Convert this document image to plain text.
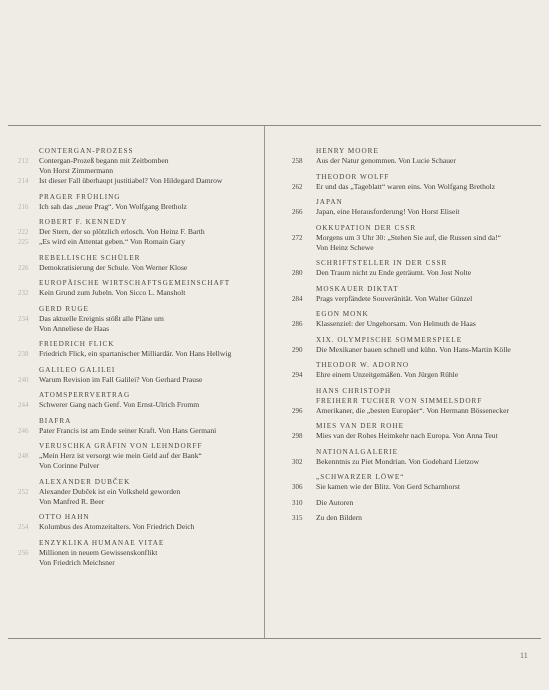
CONTERGAN-PROZESS
212	Contergan-Prozeß begann mit Zeitbomben
Von Horst Zimmermann
214	Ist dieser Fall überhaupt justitiabel? Von Hildegard Damrow
PRAGER FRÜHLING
216	Ich sah das „neue Prag“. Von Wolfgang Bretholz
ROBERT F. KENNEDY
222	Der Stern, der so plötzlich erlosch. Von Heinz F. Barth
225	„Es wird ein Attentat geben.“ Von Romain Gary
REBELLISCHE SCHÜLER
226	Demokratisierung der Schule. Von Werner Klose
EUROPÄISCHE WIRTSCHAFTSGEMEINSCHAFT
232	Kein Grund zum Jubeln. Von Sicco L. Mansholt
GERD RUGE
234	Das aktuelle Ereignis stößt alle Pläne um
Von Anneliese de Haas
FRIEDRICH FLICK
238	Friedrich Flick, ein spartanischer Milliardär. Von Hans Hellwig
GALILEO GALILEI
240	Warum Revision im Fall Galilei? Von Gerhard Prause
ATOMSPERRVERTRAG
244	Schwerer Gang nach Genf. Von Ernst-Ulrich Fromm
BIAFRA
246	Pater Francis ist am Ende seiner Kraft. Von Hans Germani
VERUSCHKA GRÄFIN VON LEHNDORFF
248	„Mein Herz ist versorgt wie mein Geld auf der Bank“
Von Corinne Pulver
ALEXANDER DUBČEK
252	Alexander Dubček ist ein Volksheld geworden
Von Manfred R. Beer
OTTO HAHN
254	Kolumbus des Atomzeitalters. Von Friedrich Deich
ENZYKLIKA HUMANAE VITAE
256	Millionen in neuem Gewissenskonflikt
Von Friedrich Meichsner
HENRY MOORE
258	Aus der Natur genommen. Von Lucie Schauer
THEODOR WOLFF
262	Er und das „Tageblatt“ waren eins. Von Wolfgang Bretholz
JAPAN
266	Japan, eine Herausforderung! Von Horst Eliseit
OKKUPATION DER CSSR
272	Morgens um 3 Uhr 30: „Stehen Sie auf, die Russen sind da!“
Von Heinz Schewe
SCHRIFTSTELLER IN DER CSSR
280	Den Traum nicht zu Ende geträumt. Von Jost Nolte
MOSKAUER DIKTAT
284	Prags verpfändete Souveränität. Von Walter Günzel
EGON MONK
286	Klassenziel: der Ungehorsam. Von Helmuth de Haas
XIX. OLYMPISCHE SOMMERSPIELE
290	Die Mexikaner bauen schnell und kühn. Von Hans-Martin Kölle
THEODOR W. ADORNO
294	Ehre einem Unzeitgemäßen. Von Jürgen Rühle
HANS CHRISTOPH
FREIHERR TUCHER VON SIMMELSDORF
296	Amerikaner, die „besten Europäer“. Von Hermann Bössenecker
MIES VAN DER ROHE
298	Mies van der Rohes Heimkehr nach Europa. Von Anna Teut
NATIONALGALERIE
302	Bekenntnis zu Piet Mondrian. Von Godehard Lietzow
„SCHWARZER LÖWE“
306	Sie kamen wie der Blitz. Von Gerd Scharnhorst
310	Die Autoren
315	Zu den Bildern
11
